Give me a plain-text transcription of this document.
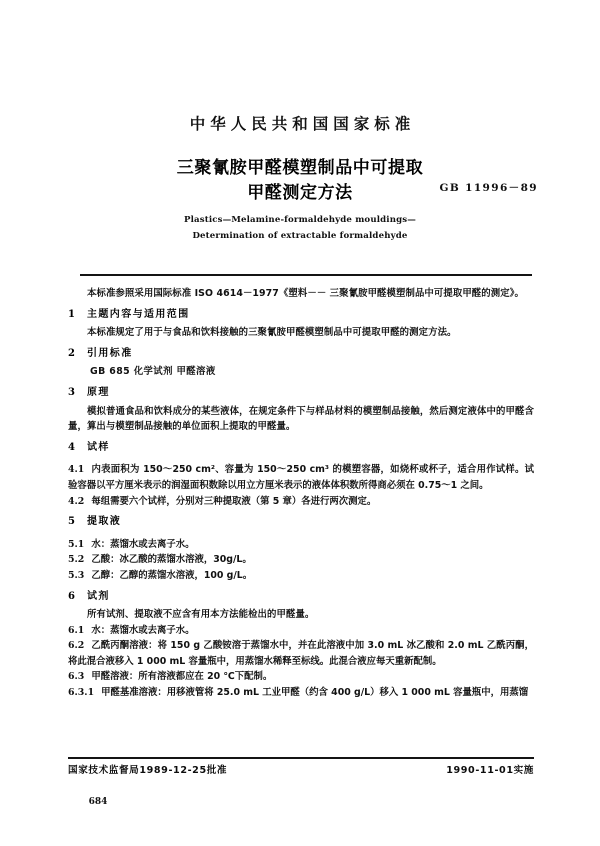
中华人民共和国国家标准
三聚氰胺甲醛模塑制品中可提取
甲醛测定方法	GB 11996－89
Plastics—Melamine-formaldehyde mouldings—
Determination of extractable formaldehyde

本标准参照采用国际标准 ISO 4614－1977《塑料－－ 三聚氰胺甲醛模塑制品中可提取甲醛的测定》。

1 主题内容与适用范围

本标准规定了用于与食品和饮料接触的三聚氰胺甲醛模塑制品中可提取甲醛的测定方法。

2 引用标准

GB 685 化学试剂 甲醛溶液

3 原理

模拟普通食品和饮料成分的某些液体，在规定条件下与样品材料的模塑制品接触，然后测定液体中的甲醛含量，算出与模塑制品接触的单位面积上提取的甲醛量。

4 试样

4.1 内表面积为 150～250 cm²、容量为 150～250 cm³ 的模塑容器，如烧杯或杯子，适合用作试样。试验容器以平方厘米表示的润湿面积数除以用立方厘米表示的液体体积数所得商必须在 0.75～1 之间。

4.2 每组需要六个试样，分别对三种提取液（第 5 章）各进行两次测定。

5 提取液

5.1 水：蒸馏水或去离子水。

5.2 乙酸：冰乙酸的蒸馏水溶液，30g/L。

5.3 乙醇：乙醇的蒸馏水溶液，100 g/L。

6 试剂

所有试剂、提取液不应含有用本方法能检出的甲醛量。

6.1 水：蒸馏水或去离子水。

6.2 乙酰丙酮溶液：将 150 g 乙酸铵溶于蒸馏水中，并在此溶液中加 3.0 mL 冰乙酸和 2.0 mL 乙酰丙酮，将此混合液移入 1 000 mL 容量瓶中，用蒸馏水稀释至标线。此混合液应每天重新配制。

6.3 甲醛溶液：所有溶液都应在 20 ℃下配制。

6.3.1 甲醛基准溶液：用移液管将 25.0 mL 工业甲醛（约含 400 g/L）移入 1 000 mL 容量瓶中，用蒸馏

国家技术监督局1989-12-25批准	1990-11-01实施
684
